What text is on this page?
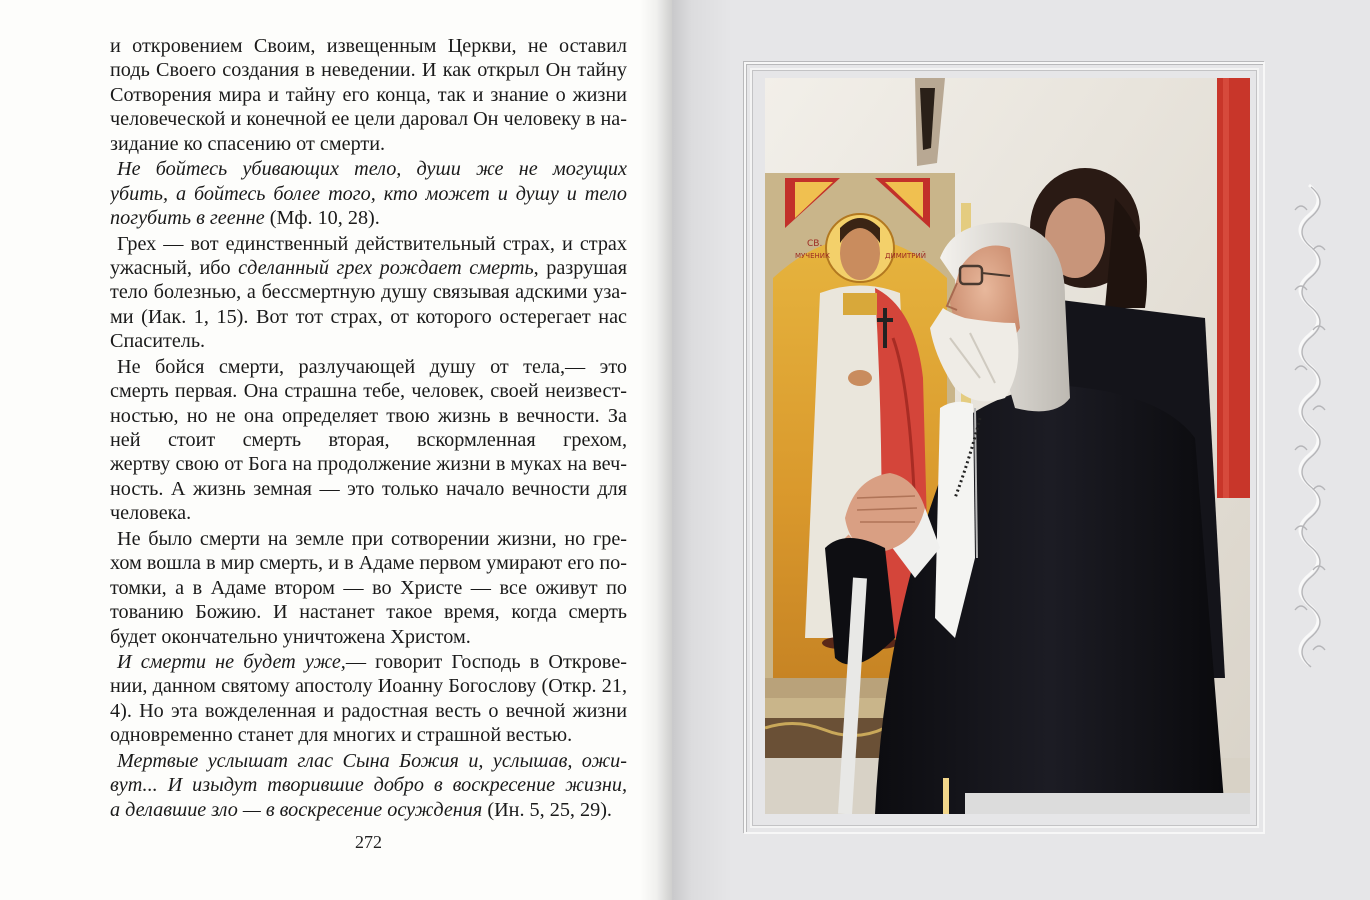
и откровением Своим, извещенным Церкви, не оставил
подь Своего создания в неведении. И как открыл Он тайну
Сотворения мира и тайну его конца, так и знание о жизни
человеческой и конечной ее цели даровал Он человеку в на-
зидание ко спасению от смерти.
Не бойтесь убивающих тело, души же не могущих
убить, а бойтесь более того, кто может и душу и тело
погубить в геенне (Мф. 10, 28).
Грех — вот единственный действительный страх, и страх
ужасный, ибо сделанный грех рождает смерть, разрушая
тело болезнью, а бессмертную душу связывая адскими уза-
ми (Иак. 1, 15). Вот тот страх, от которого остерегает нас
Спаситель.
Не бойся смерти, разлучающей душу от тела,— это
смерть первая. Она страшна тебе, человек, своей неизвест-
ностью, но не она определяет твою жизнь в вечности. За
ней стоит смерть вторая, вскормленная грехом,
жертву свою от Бога на продолжение жизни в муках на веч-
ность. А жизнь земная — это только начало вечности для
человека.
Не было смерти на земле при сотворении жизни, но гре-
хом вошла в мир смерть, и в Адаме первом умирают его по-
томки, а в Адаме втором — во Христе — все оживут по
тованию Божию. И настанет такое время, когда смерть
будет окончательно уничтожена Христом.
И смерти не будет уже,— говорит Господь в Откровe-
нии, данном святому апостолу Иоанну Богослову (Откр. 21,
4). Но эта вожделенная и радостная весть о вечной жизни
одновременно станет для многих и страшной вестью.
Мертвые услышат глас Сына Божия и, услышав, ожи-
вут... И изыдут творившие добро в воскресение жизни,
а делавшие зло — в воскресение осуждения (Ин. 5, 25, 29).
272
СВ.
МУЧЕНИК	ДИМИТРИЙ
